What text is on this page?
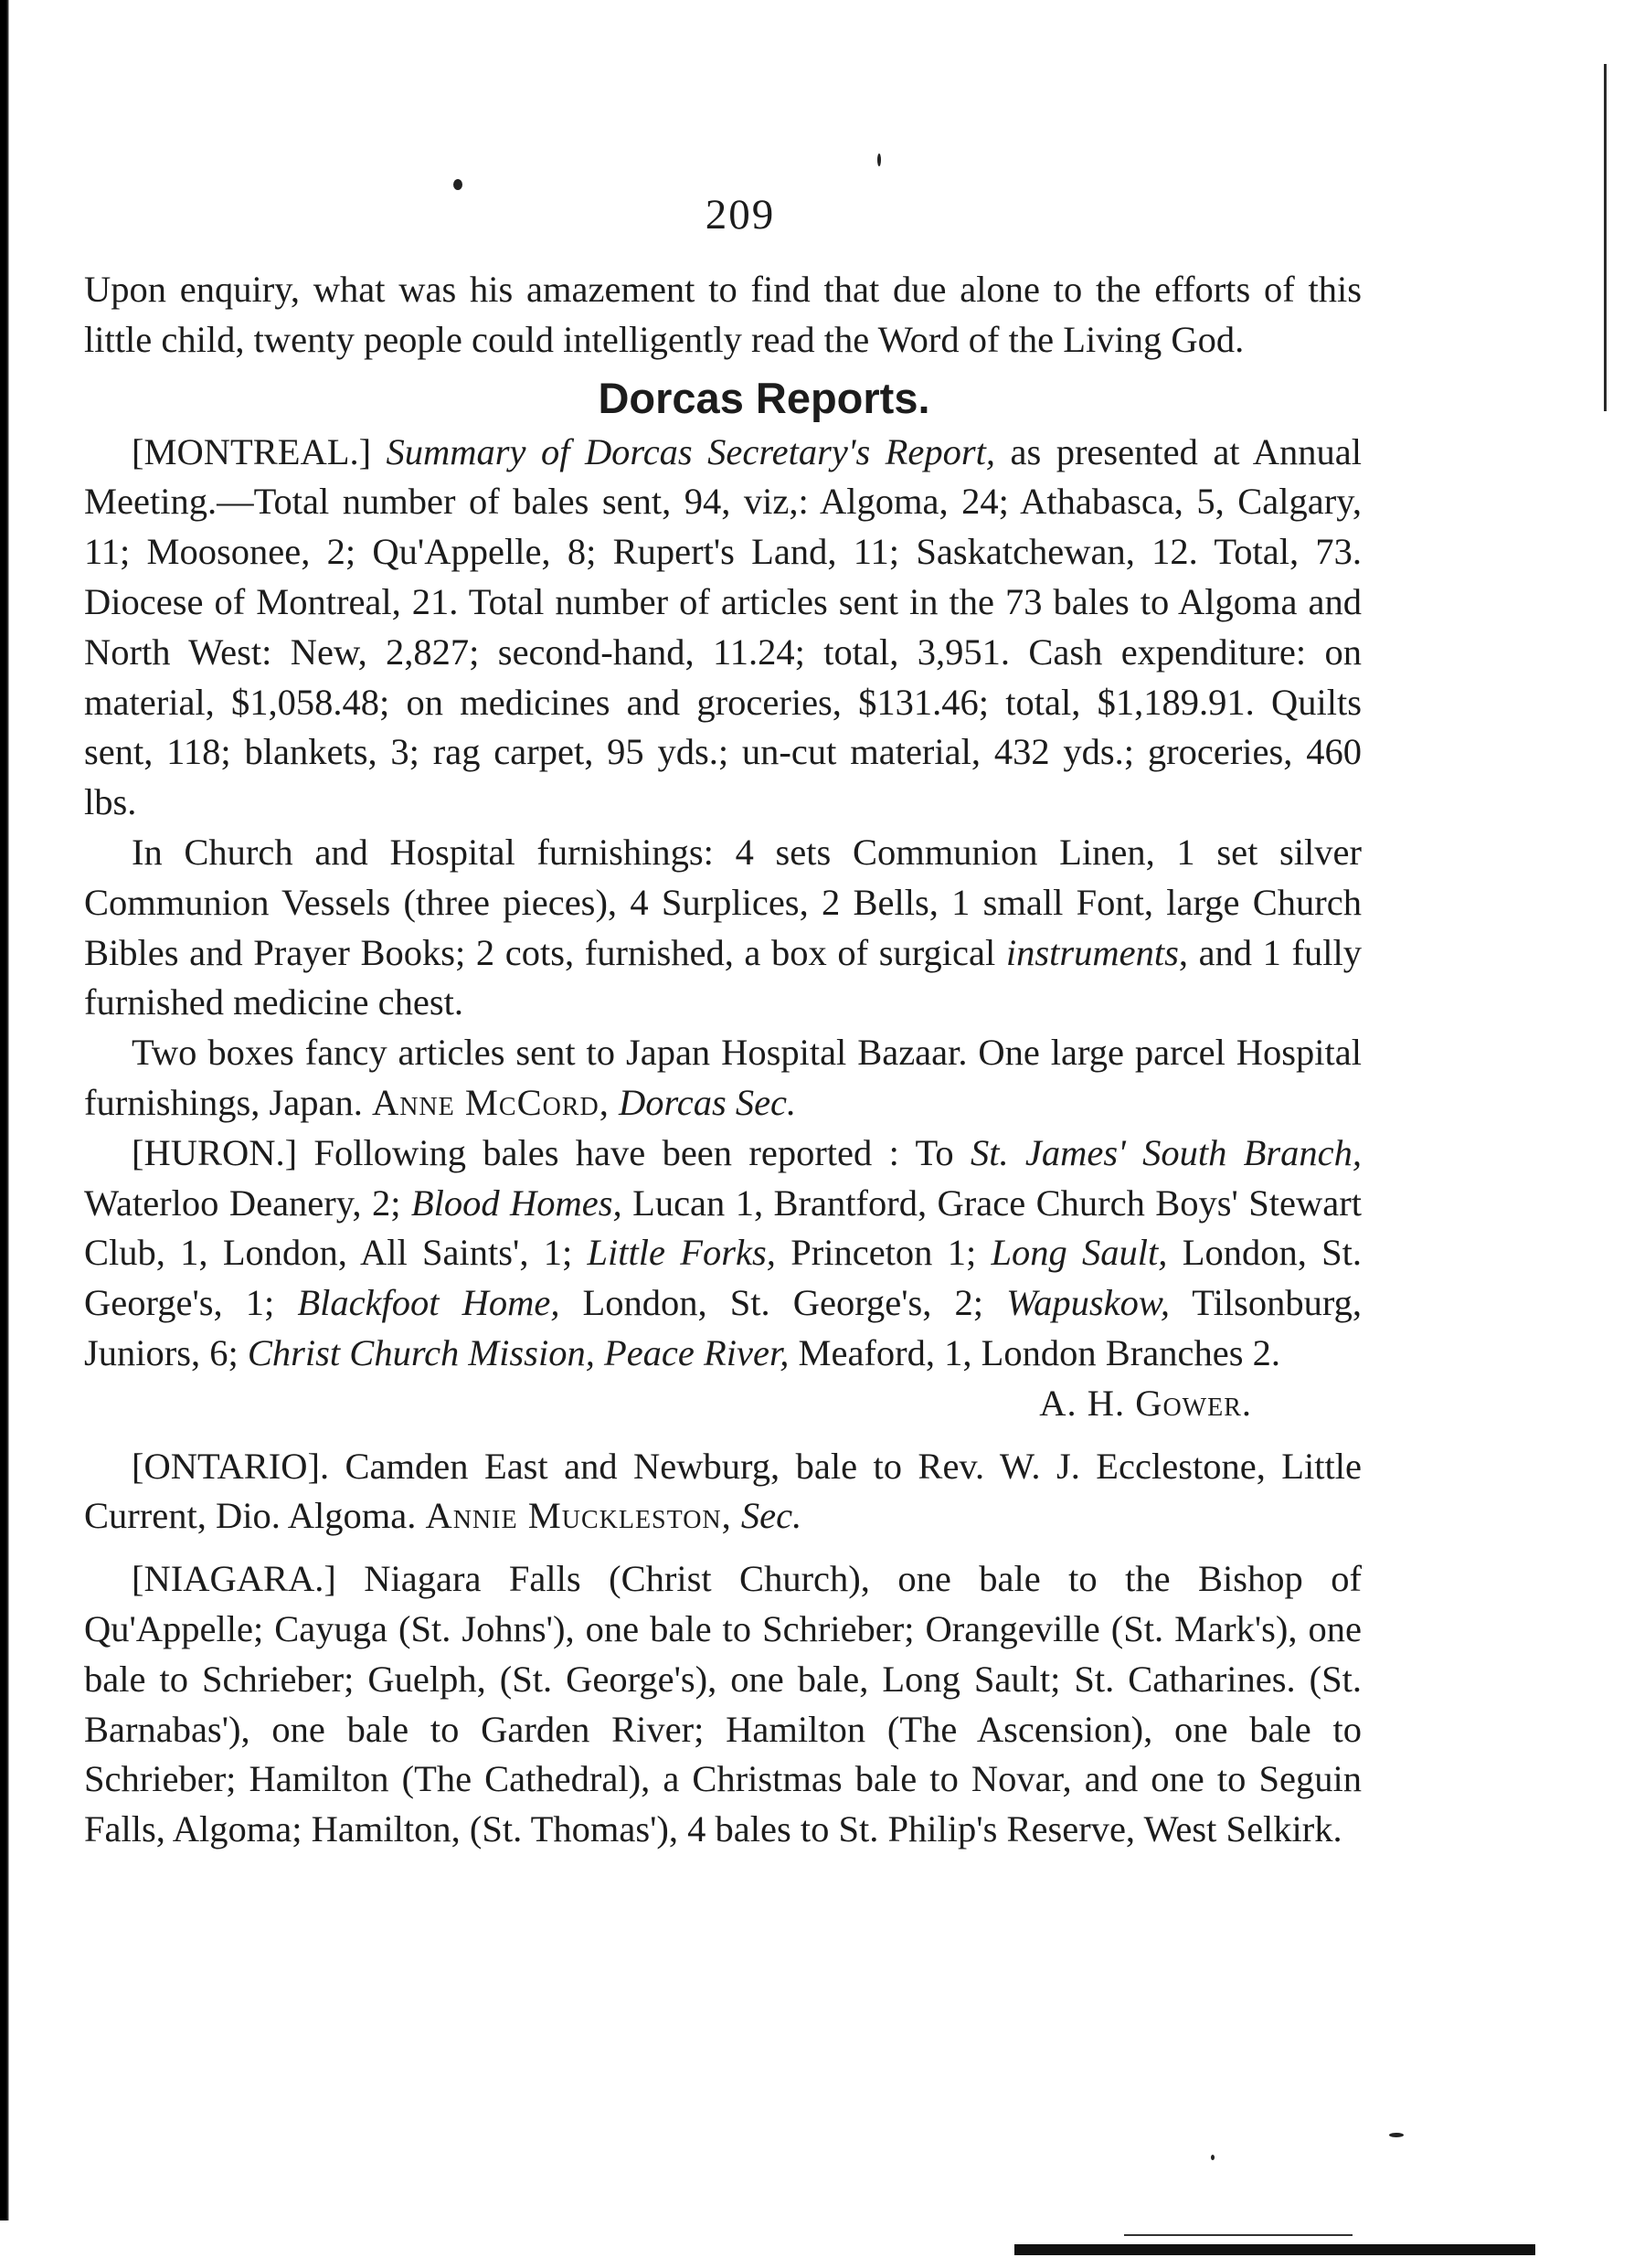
209

Upon enquiry, what was his amazement to find that due alone to the efforts of this little child, twenty people could intelligently read the Word of the Living God.

Dorcas Reports.

[MONTREAL.] Summary of Dorcas Secretary's Report, as presented at Annual Meeting.—Total number of bales sent, 94, viz,: Algoma, 24; Athabasca, 5, Calgary, 11; Moosonee, 2; Qu'Appelle, 8; Rupert's Land, 11; Saskatchewan, 12. Total, 73. Diocese of Montreal, 21. Total number of articles sent in the 73 bales to Algoma and North West: New, 2,827; second-hand, 11.24; total, 3,951. Cash expenditure: on material, $1,058.48; on medicines and groceries, $131.46; total, $1,189.91. Quilts sent, 118; blankets, 3; rag carpet, 95 yds.; un-cut material, 432 yds.; groceries, 460 lbs.

In Church and Hospital furnishings: 4 sets Communion Linen, 1 set silver Communion Vessels (three pieces), 4 Surplices, 2 Bells, 1 small Font, large Church Bibles and Prayer Books; 2 cots, furnished, a box of surgical instruments, and 1 fully furnished medicine chest.

Two boxes fancy articles sent to Japan Hospital Bazaar. One large parcel Hospital furnishings, Japan. Anne McCord, Dorcas Sec.

[HURON.] Following bales have been reported : To St. James' South Branch, Waterloo Deanery, 2; Blood Homes, Lucan 1, Brantford, Grace Church Boys' Stewart Club, 1, London, All Saints', 1; Little Forks, Princeton 1; Long Sault, London, St. George's, 1; Blackfoot Home, London, St. George's, 2; Wapuskow, Tilsonburg, Juniors, 6; Christ Church Mission, Peace River, Meaford, 1, London Branches 2.

A. H. Gower.

[ONTARIO]. Camden East and Newburg, bale to Rev. W. J. Ecclestone, Little Current, Dio. Algoma. Annie Muckleston, Sec.

[NIAGARA.] Niagara Falls (Christ Church), one bale to the Bishop of Qu'Appelle; Cayuga (St. Johns'), one bale to Schrieber; Orangeville (St. Mark's), one bale to Schrieber; Guelph, (St. George's), one bale, Long Sault; St. Catharines. (St. Barnabas'), one bale to Garden River; Hamilton (The Ascension), one bale to Schrieber; Hamilton (The Cathedral), a Christmas bale to Novar, and one to Seguin Falls, Algoma; Hamilton, (St. Thomas'), 4 bales to St. Philip's Reserve, West Selkirk.
